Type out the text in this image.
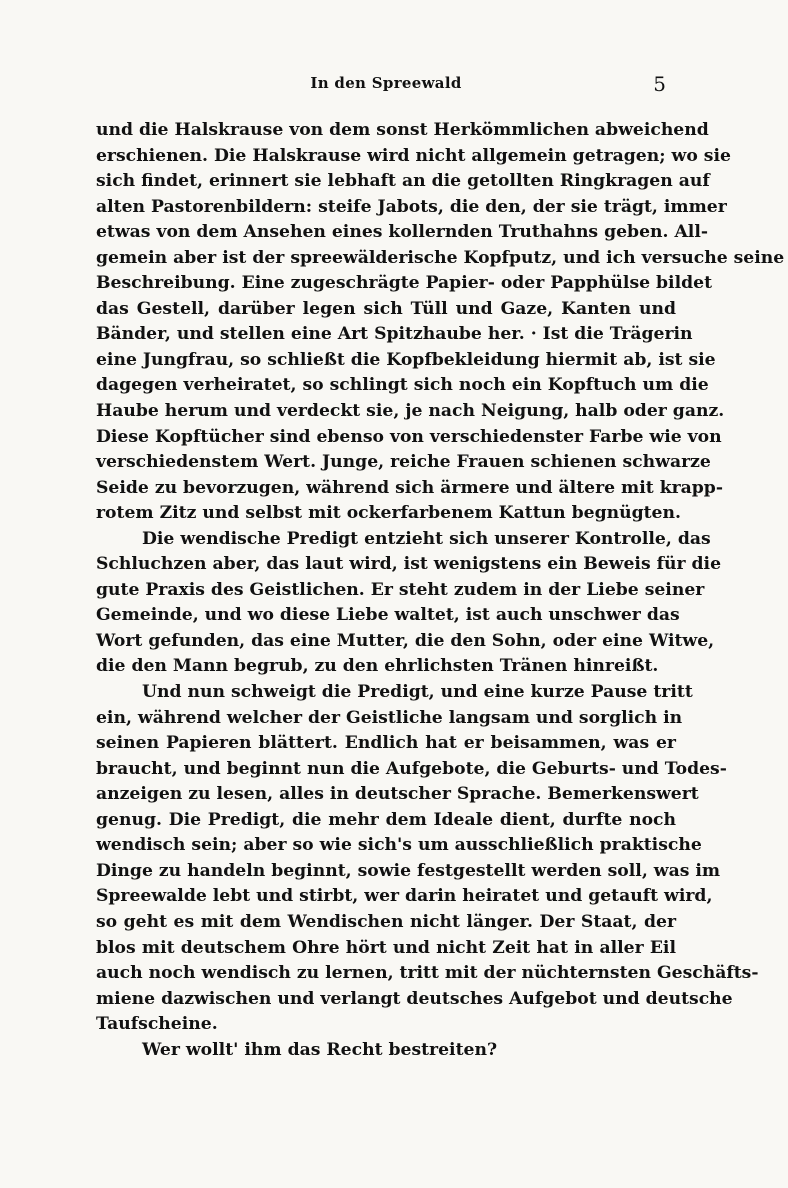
In den Spreewald	5
und die Halskrause von dem sonst Herkömmlichen abweichend
erschienen. Die Halskrause wird nicht allgemein getragen; wo sie
sich findet, erinnert sie lebhaft an die getollten Ringkragen auf
alten Pastorenbildern: steife Jabots, die den, der sie trägt, immer
etwas von dem Ansehen eines kollernden Truthahns geben. All-
gemein aber ist der spreewälderische Kopfputz, und ich versuche seine
Beschreibung. Eine zugeschrägte Papier- oder Papphülse bildet
das Gestell, darüber legen sich Tüll und Gaze, Kanten und
Bänder, und stellen eine Art Spitzhaube her. · Ist die Trägerin
eine Jungfrau, so schließt die Kopfbekleidung hiermit ab, ist sie
dagegen verheiratet, so schlingt sich noch ein Kopftuch um die
Haube herum und verdeckt sie, je nach Neigung, halb oder ganz.
Diese Kopftücher sind ebenso von verschiedenster Farbe wie von
verschiedenstem Wert. Junge, reiche Frauen schienen schwarze
Seide zu bevorzugen, während sich ärmere und ältere mit krapp-
rotem Zitz und selbst mit ockerfarbenem Kattun begnügten.
Die wendische Predigt entzieht sich unserer Kontrolle, das
Schluchzen aber, das laut wird, ist wenigstens ein Beweis für die
gute Praxis des Geistlichen. Er steht zudem in der Liebe seiner
Gemeinde, und wo diese Liebe waltet, ist auch unschwer das
Wort gefunden, das eine Mutter, die den Sohn, oder eine Witwe,
die den Mann begrub, zu den ehrlichsten Tränen hinreißt.
Und nun schweigt die Predigt, und eine kurze Pause tritt
ein, während welcher der Geistliche langsam und sorglich in
seinen Papieren blättert. Endlich hat er beisammen, was er
braucht, und beginnt nun die Aufgebote, die Geburts- und Todes-
anzeigen zu lesen, alles in deutscher Sprache. Bemerkenswert
genug. Die Predigt, die mehr dem Ideale dient, durfte noch
wendisch sein; aber so wie sich's um ausschließlich praktische
Dinge zu handeln beginnt, sowie festgestellt werden soll, was im
Spreewalde lebt und stirbt, wer darin heiratet und getauft wird,
so geht es mit dem Wendischen nicht länger. Der Staat, der
blos mit deutschem Ohre hört und nicht Zeit hat in aller Eil
auch noch wendisch zu lernen, tritt mit der nüchternsten Geschäfts-
miene dazwischen und verlangt deutsches Aufgebot und deutsche
Taufscheine.
Wer wollt' ihm das Recht bestreiten?
